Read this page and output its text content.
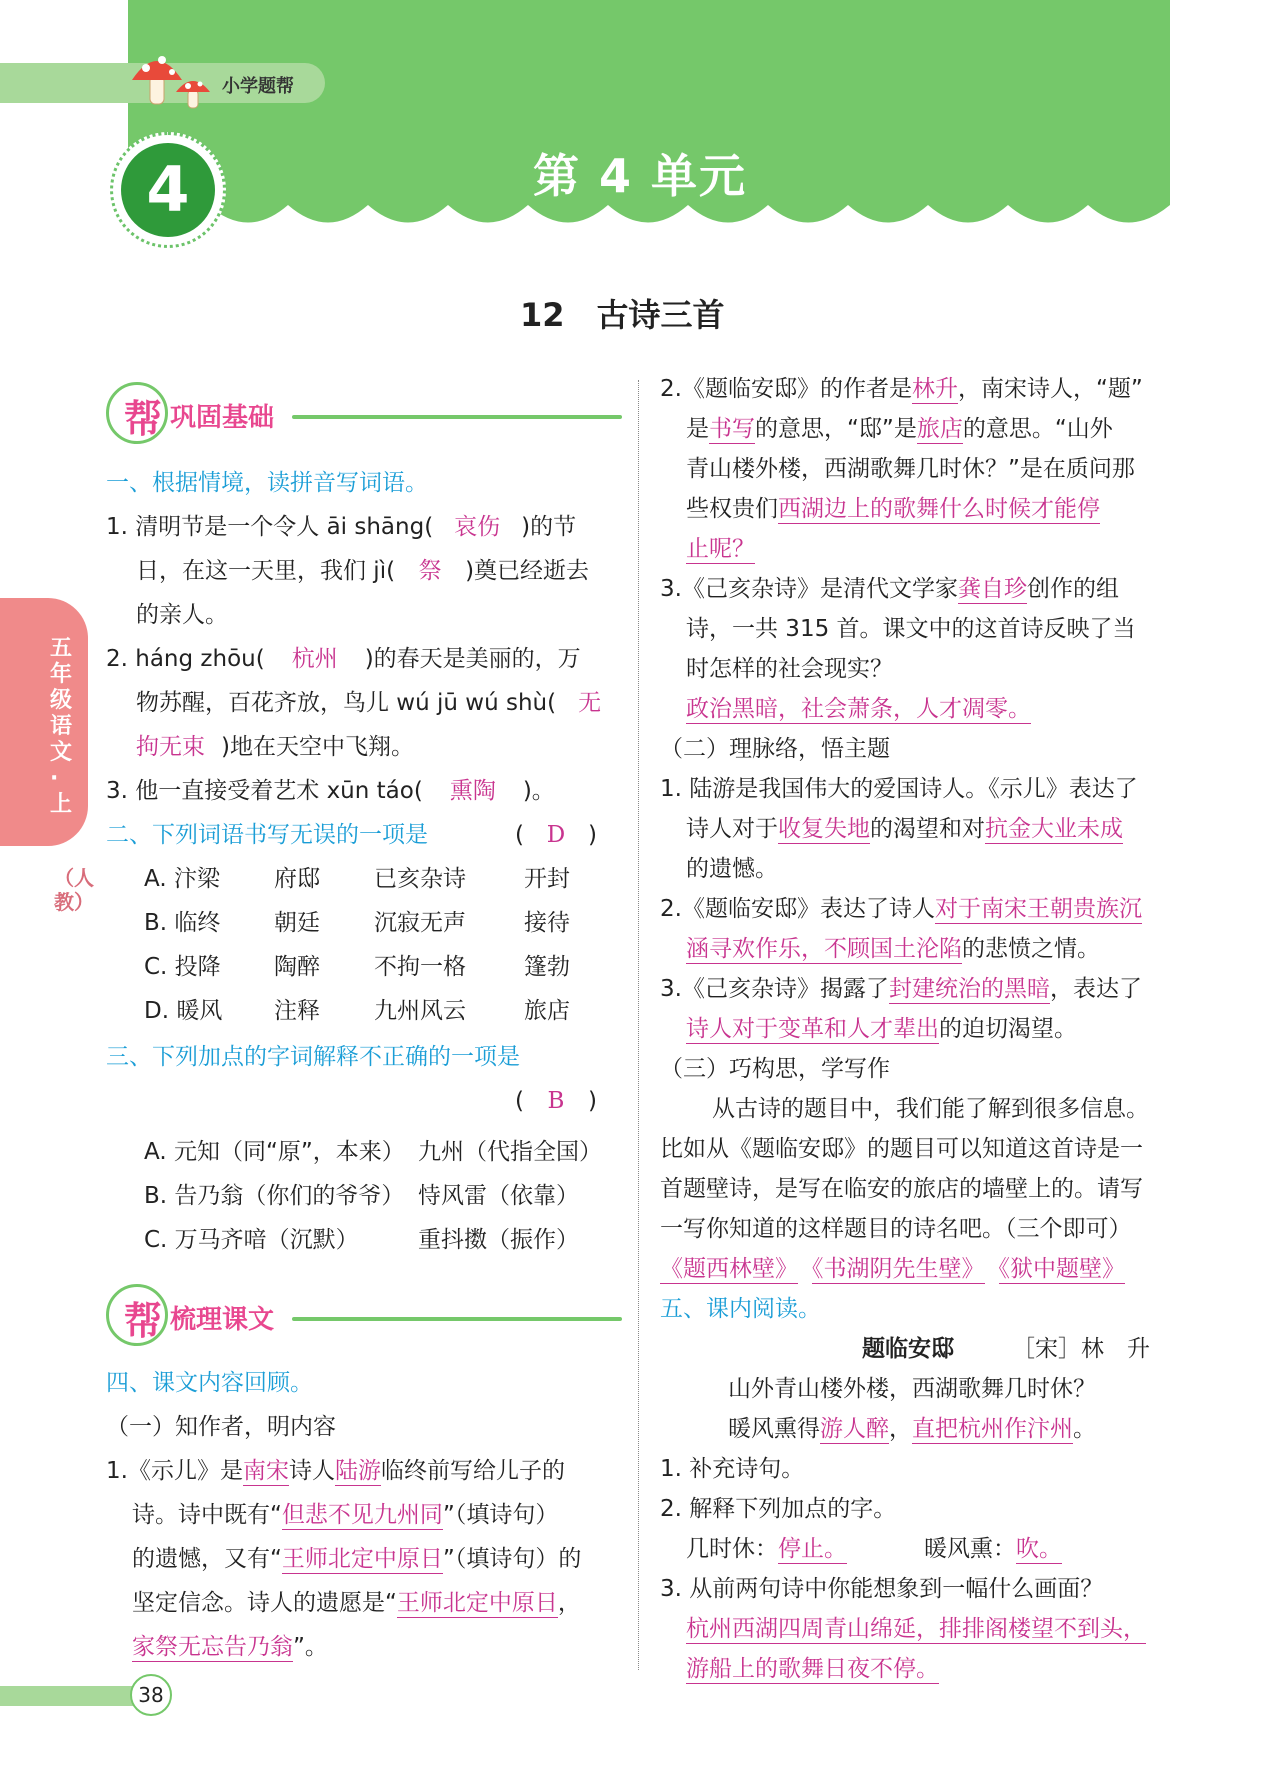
小学题帮
4	第 4 单元
12　古诗三首
五年级语文·上
（人教）
帮 巩固基础
一、根据情境，读拼音写词语。
1. 清明节是一个令人 āi shāng( 哀伤 )的节
日，在这一天里，我们 jì( 祭 )奠已经逝去
的亲人。
2. háng zhōu( 杭州 )的春天是美丽的，万
物苏醒，百花齐放，鸟儿 wú jū wú shù( 无
拘无束 )地在天空中飞翔。
3. 他一直接受着艺术 xūn táo( 熏陶 )。
二、下列词语书写无误的一项是	( D )
A. 汴梁 府邸 已亥杂诗	开封
B. 临终 朝廷 沉寂无声	接待
C. 投降 陶醉 不拘一格	篷勃
D. 暖风 注释 九州风云	旅店
三、下列加点的字词解释不正确的一项是
( B )
A. 元知（同“原”，本来） 九州（代指全国）
B. 告乃翁（你们的爷爷） 恃风雷（依靠）
C. 万马齐喑（沉默）	重抖擞（振作）
帮 梳理课文
四、课文内容回顾。
（一）知作者，明内容
1.《示儿》是南宋诗人陆游临终前写给儿子的
诗。诗中既有“但悲不见九州同”（填诗句）
的遗憾，又有“王师北定中原日”（填诗句）的
坚定信念。诗人的遗愿是“王师北定中原日，
家祭无忘告乃翁”。
2.《题临安邸》的作者是林升，南宋诗人，“题”
是书写的意思，“邸”是旅店的意思。“山外
青山楼外楼，西湖歌舞几时休？”是在质问那
些权贵们西湖边上的歌舞什么时候才能停
止呢？
3.《己亥杂诗》是清代文学家龚自珍创作的组
诗，一共 315 首。课文中的这首诗反映了当
时怎样的社会现实？
政治黑暗，社会萧条，人才凋零。
（二）理脉络，悟主题
1. 陆游是我国伟大的爱国诗人。《示儿》表达了
诗人对于收复失地的渴望和对抗金大业未成
的遗憾。
2.《题临安邸》表达了诗人对于南宋王朝贵族沉
涵寻欢作乐，不顾国土沦陷的悲愤之情。
3.《己亥杂诗》揭露了封建统治的黑暗，表达了
诗人对于变革和人才辈出的迫切渴望。
（三）巧构思，学写作
从古诗的题目中，我们能了解到很多信息。
比如从《题临安邸》的题目可以知道这首诗是一
首题壁诗，是写在临安的旅店的墙壁上的。请写
一写你知道的这样题目的诗名吧。（三个即可）
《题西林壁》 《书湖阴先生壁》 《狱中题壁》
五、课内阅读。
题临安邸	［宋］林　升
山外青山楼外楼，西湖歌舞几时休？
暖风熏得游人醉，直把杭州作汴州。
1. 补充诗句。
2. 解释下列加点的字。
几时休：停止。	暖风熏：吹。
3. 从前两句诗中你能想象到一幅什么画面？
杭州西湖四周青山绵延，排排阁楼望不到头，
游船上的歌舞日夜不停。
38
